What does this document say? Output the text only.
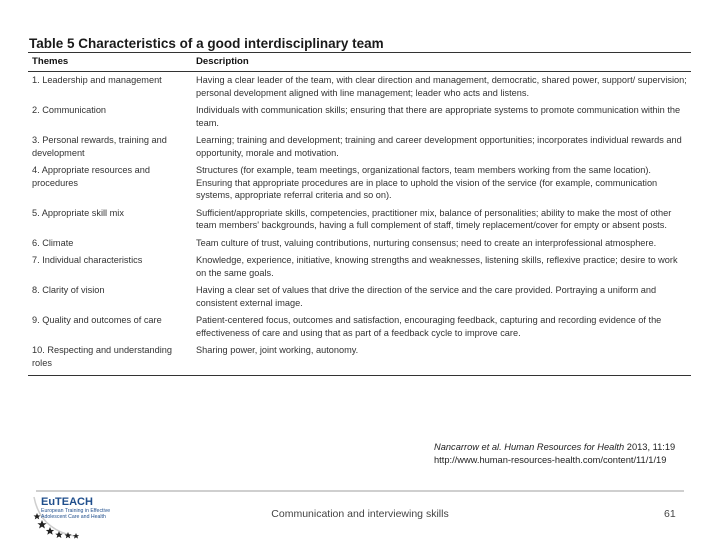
Table 5 Characteristics of a good interdisciplinary team
Themes	Description
1. Leadership and management	Having a clear leader of the team, with clear direction and management, democratic, shared power, support/ supervision; personal development aligned with line management; leader who acts and listens.
2. Communication	Individuals with communication skills; ensuring that there are appropriate systems to promote communication within the team.
3. Personal rewards, training and development	Learning; training and development; training and career development opportunities; incorporates individual rewards and opportunity, morale and motivation.
4. Appropriate resources and procedures	Structures (for example, team meetings, organizational factors, team members working from the same location). Ensuring that appropriate procedures are in place to uphold the vision of the service (for example, communication systems, appropriate referral criteria and so on).
5. Appropriate skill mix	Sufficient/appropriate skills, competencies, practitioner mix, balance of personalities; ability to make the most of other team members' backgrounds, having a full complement of staff, timely replacement/cover for empty or absent posts.
6. Climate	Team culture of trust, valuing contributions, nurturing consensus; need to create an interprofessional atmosphere.
7. Individual characteristics	Knowledge, experience, initiative, knowing strengths and weaknesses, listening skills, reflexive practice; desire to work on the same goals.
8. Clarity of vision	Having a clear set of values that drive the direction of the service and the care provided. Portraying a uniform and consistent external image.
9. Quality and outcomes of care	Patient-centered focus, outcomes and satisfaction, encouraging feedback, capturing and recording evidence of the effectiveness of care and using that as part of a feedback cycle to improve care.
10. Respecting and understanding roles	Sharing power, joint working, autonomy.
Nancarrow et al. Human Resources for Health 2013, 11:19
http://www.human-resources-health.com/content/11/1/19
EuTEACH
European Training in Effective Adolescent Care and Health	Communication and interviewing skills	61
